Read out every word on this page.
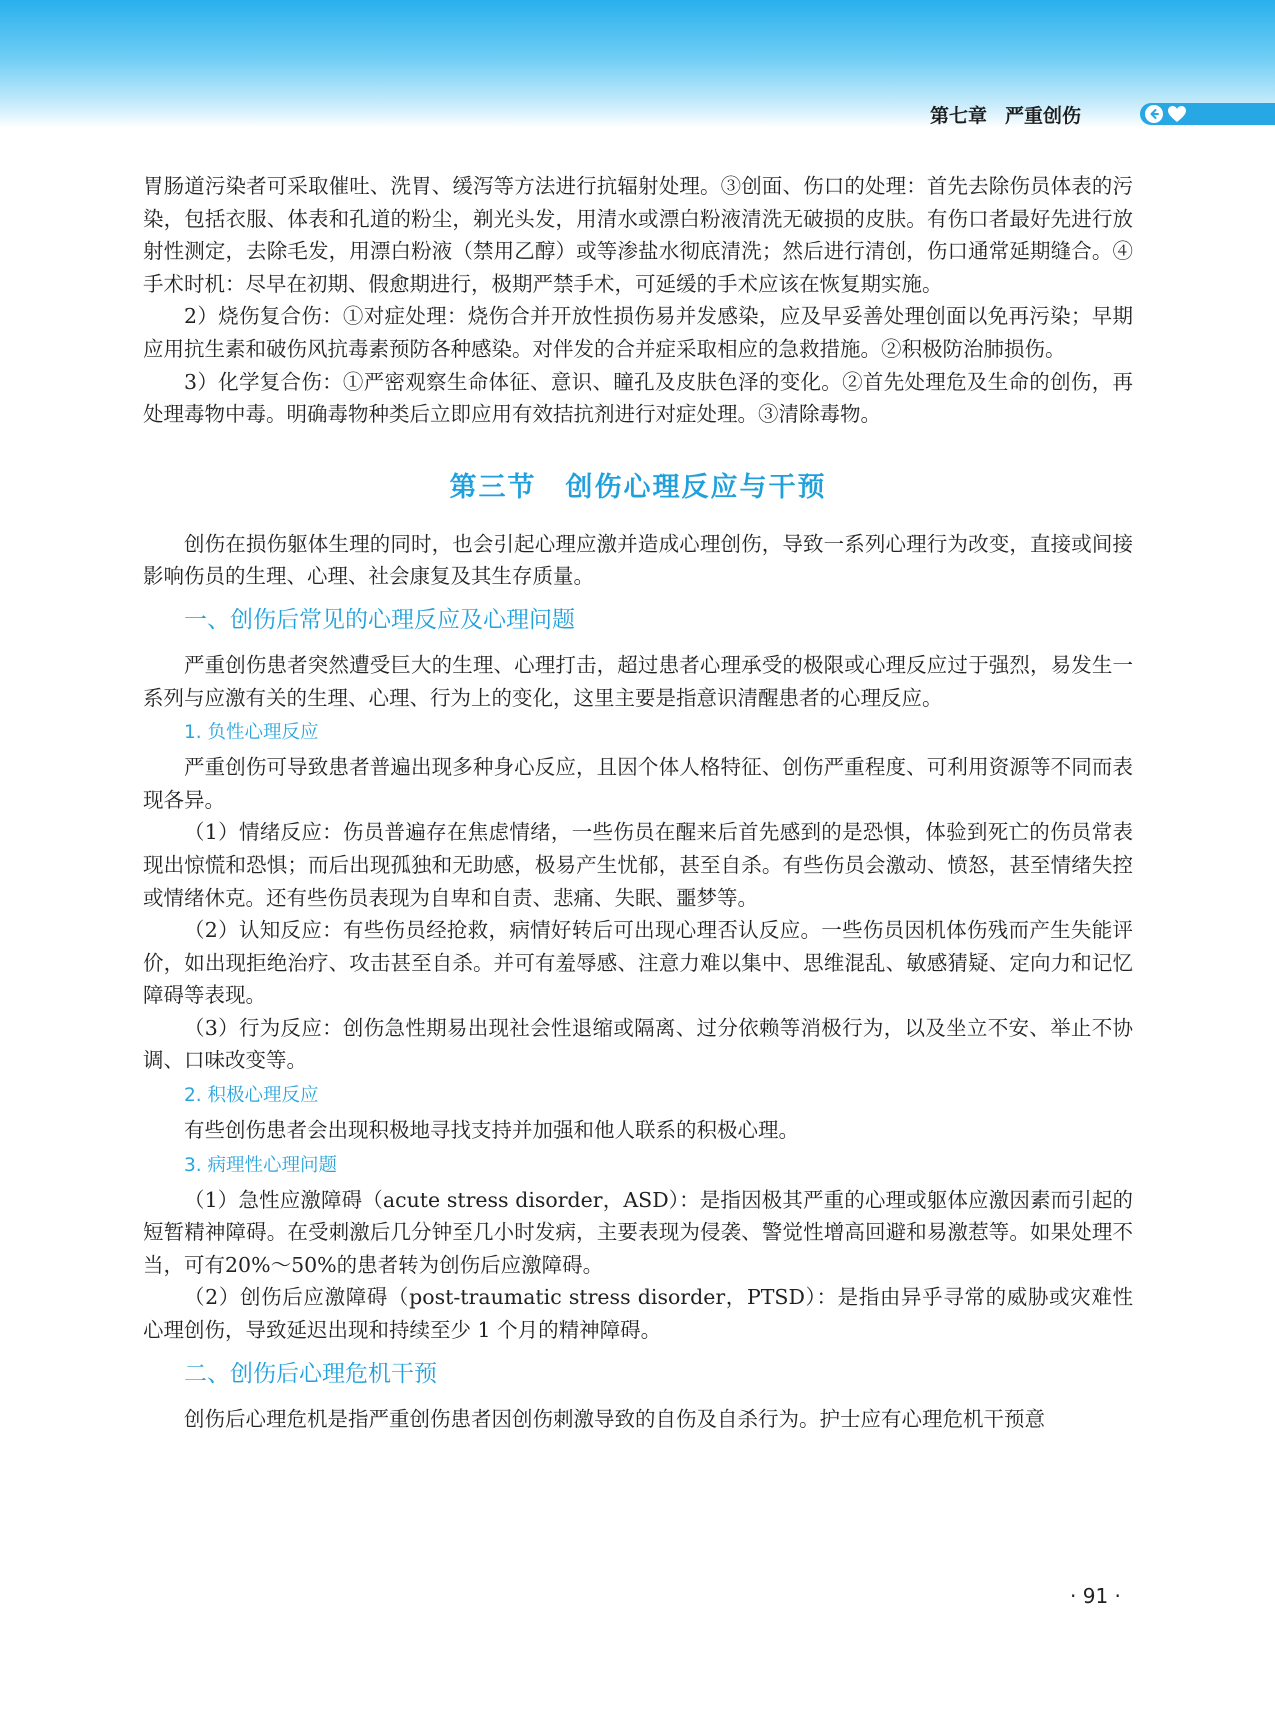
第七章 严重创伤

胃肠道污染者可采取催吐、洗胃、缓泻等方法进行抗辐射处理。③创面、伤口的处理：首先去除伤员体表的污染，包括衣服、体表和孔道的粉尘，剃光头发，用清水或漂白粉液清洗无破损的皮肤。有伤口者最好先进行放射性测定，去除毛发，用漂白粉液（禁用乙醇）或等渗盐水彻底清洗；然后进行清创，伤口通常延期缝合。④手术时机：尽早在初期、假愈期进行，极期严禁手术，可延缓的手术应该在恢复期实施。

2）烧伤复合伤：①对症处理：烧伤合并开放性损伤易并发感染，应及早妥善处理创面以免再污染；早期应用抗生素和破伤风抗毒素预防各种感染。对伴发的合并症采取相应的急救措施。②积极防治肺损伤。

3）化学复合伤：①严密观察生命体征、意识、瞳孔及皮肤色泽的变化。②首先处理危及生命的创伤，再处理毒物中毒。明确毒物种类后立即应用有效拮抗剂进行对症处理。③清除毒物。

第三节　创伤心理反应与干预

创伤在损伤躯体生理的同时，也会引起心理应激并造成心理创伤，导致一系列心理行为改变，直接或间接影响伤员的生理、心理、社会康复及其生存质量。

一、创伤后常见的心理反应及心理问题

严重创伤患者突然遭受巨大的生理、心理打击，超过患者心理承受的极限或心理反应过于强烈，易发生一系列与应激有关的生理、心理、行为上的变化，这里主要是指意识清醒患者的心理反应。

1. 负性心理反应

严重创伤可导致患者普遍出现多种身心反应，且因个体人格特征、创伤严重程度、可利用资源等不同而表现各异。

（1）情绪反应：伤员普遍存在焦虑情绪，一些伤员在醒来后首先感到的是恐惧，体验到死亡的伤员常表现出惊慌和恐惧；而后出现孤独和无助感，极易产生忧郁，甚至自杀。有些伤员会激动、愤怒，甚至情绪失控或情绪休克。还有些伤员表现为自卑和自责、悲痛、失眠、噩梦等。

（2）认知反应：有些伤员经抢救，病情好转后可出现心理否认反应。一些伤员因机体伤残而产生失能评价，如出现拒绝治疗、攻击甚至自杀。并可有羞辱感、注意力难以集中、思维混乱、敏感猜疑、定向力和记忆障碍等表现。

（3）行为反应：创伤急性期易出现社会性退缩或隔离、过分依赖等消极行为，以及坐立不安、举止不协调、口味改变等。

2. 积极心理反应

有些创伤患者会出现积极地寻找支持并加强和他人联系的积极心理。

3. 病理性心理问题

（1）急性应激障碍（acute stress disorder，ASD）：是指因极其严重的心理或躯体应激因素而引起的短暂精神障碍。在受刺激后几分钟至几小时发病，主要表现为侵袭、警觉性增高回避和易激惹等。如果处理不当，可有20%～50%的患者转为创伤后应激障碍。

（2）创伤后应激障碍（post-traumatic stress disorder，PTSD）：是指由异乎寻常的威胁或灾难性心理创伤，导致延迟出现和持续至少 1 个月的精神障碍。

二、创伤后心理危机干预

创伤后心理危机是指严重创伤患者因创伤刺激导致的自伤及自杀行为。护士应有心理危机干预意

· 91 ·
